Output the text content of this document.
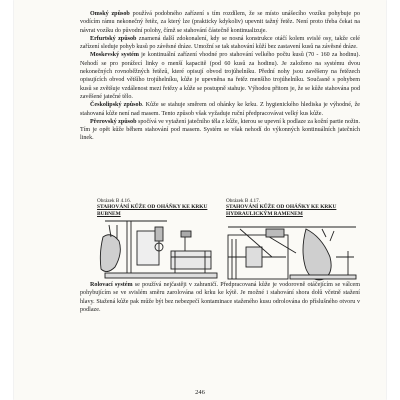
Omský způsob používá podobného zařízení s tím rozdílem, že se místo unášecího vozíku pohybuje po vodícím rámu nekonečný řetěz, za který lze (prakticky kdykoliv) upevnit tažný řetěz. Není proto třeba čekat na návrat vozíku do původní polohy, čímž se stahování částečně kontinualizuje.

Erfurtský způsob znamená další zdokonalení, kdy se nosná konstrukce otáčí kolem svislé osy, takže celé zařízení sleduje pohyb kusů po závěsné dráze. Umožní se tak stahování kůží bez zastavení kusů na závěsné dráze.

Moskevský systém je kontinuální zařízení vhodné pro stahování velkého počtu kusů (70 - 160 za hodinu). Nehodí se pro porážecí linky o menší kapacitě (pod 60 kusů za hodinu). Je založeno na systému dvou nekonečných rovnoběžných řetězů, které opisují obvod trojúhelníku. Přední nohy jsou zavěšeny na řetězech opisujících obvod většího trojúhelníku, kůže je upevněna na řetěz menšího trojúhelníku. Současně s pohybem kusů se zvětšuje vzdálenost mezi řetězy a kůže se postupně stahuje. Výhodou přitom je, že se kůže stahována pod zavěšené jatečné tělo.

Českolipský způsob. Kůže se stahuje směrem od ohánky ke krku. Z hygienického hlediska je výhodné, že stahovaná kůže není nad masem. Tento způsob však vyžaduje ruční předpracovávat velký kus kůže.

Přerovský způsob spočívá ve vytažení jatečního těla z kůže, kterou se upevní k podlaze za kožní partie nožin. Tím je opět kůže během stahování pod masem. Systém se však nehodí do výkonných kontinuálních jatečních linek.

Obrázek B 4.16.
STAHOVÁNÍ KŮŽE OD OHÁŇKY KE KRKU BUBNEM
Obrázek B 4.17.
STAHOVÁNÍ KŮŽE OD OHÁŇKY KE KRKU HYDRAULICKÝM RAMENEM

Rolovací systém se používá nejčastěji v zahraničí. Předpracovaná kůže je vodorovně otáčejícím se válcem pohybujícím se ve svislém směru zarolována od krku ke kýtě. Je možné i stahování shora dolů včetně stažení hlavy. Stažená kůže pak může být bez nebezpečí kontaminace staženého kusu odrolována do příslušného otvoru v podlaze.

246
